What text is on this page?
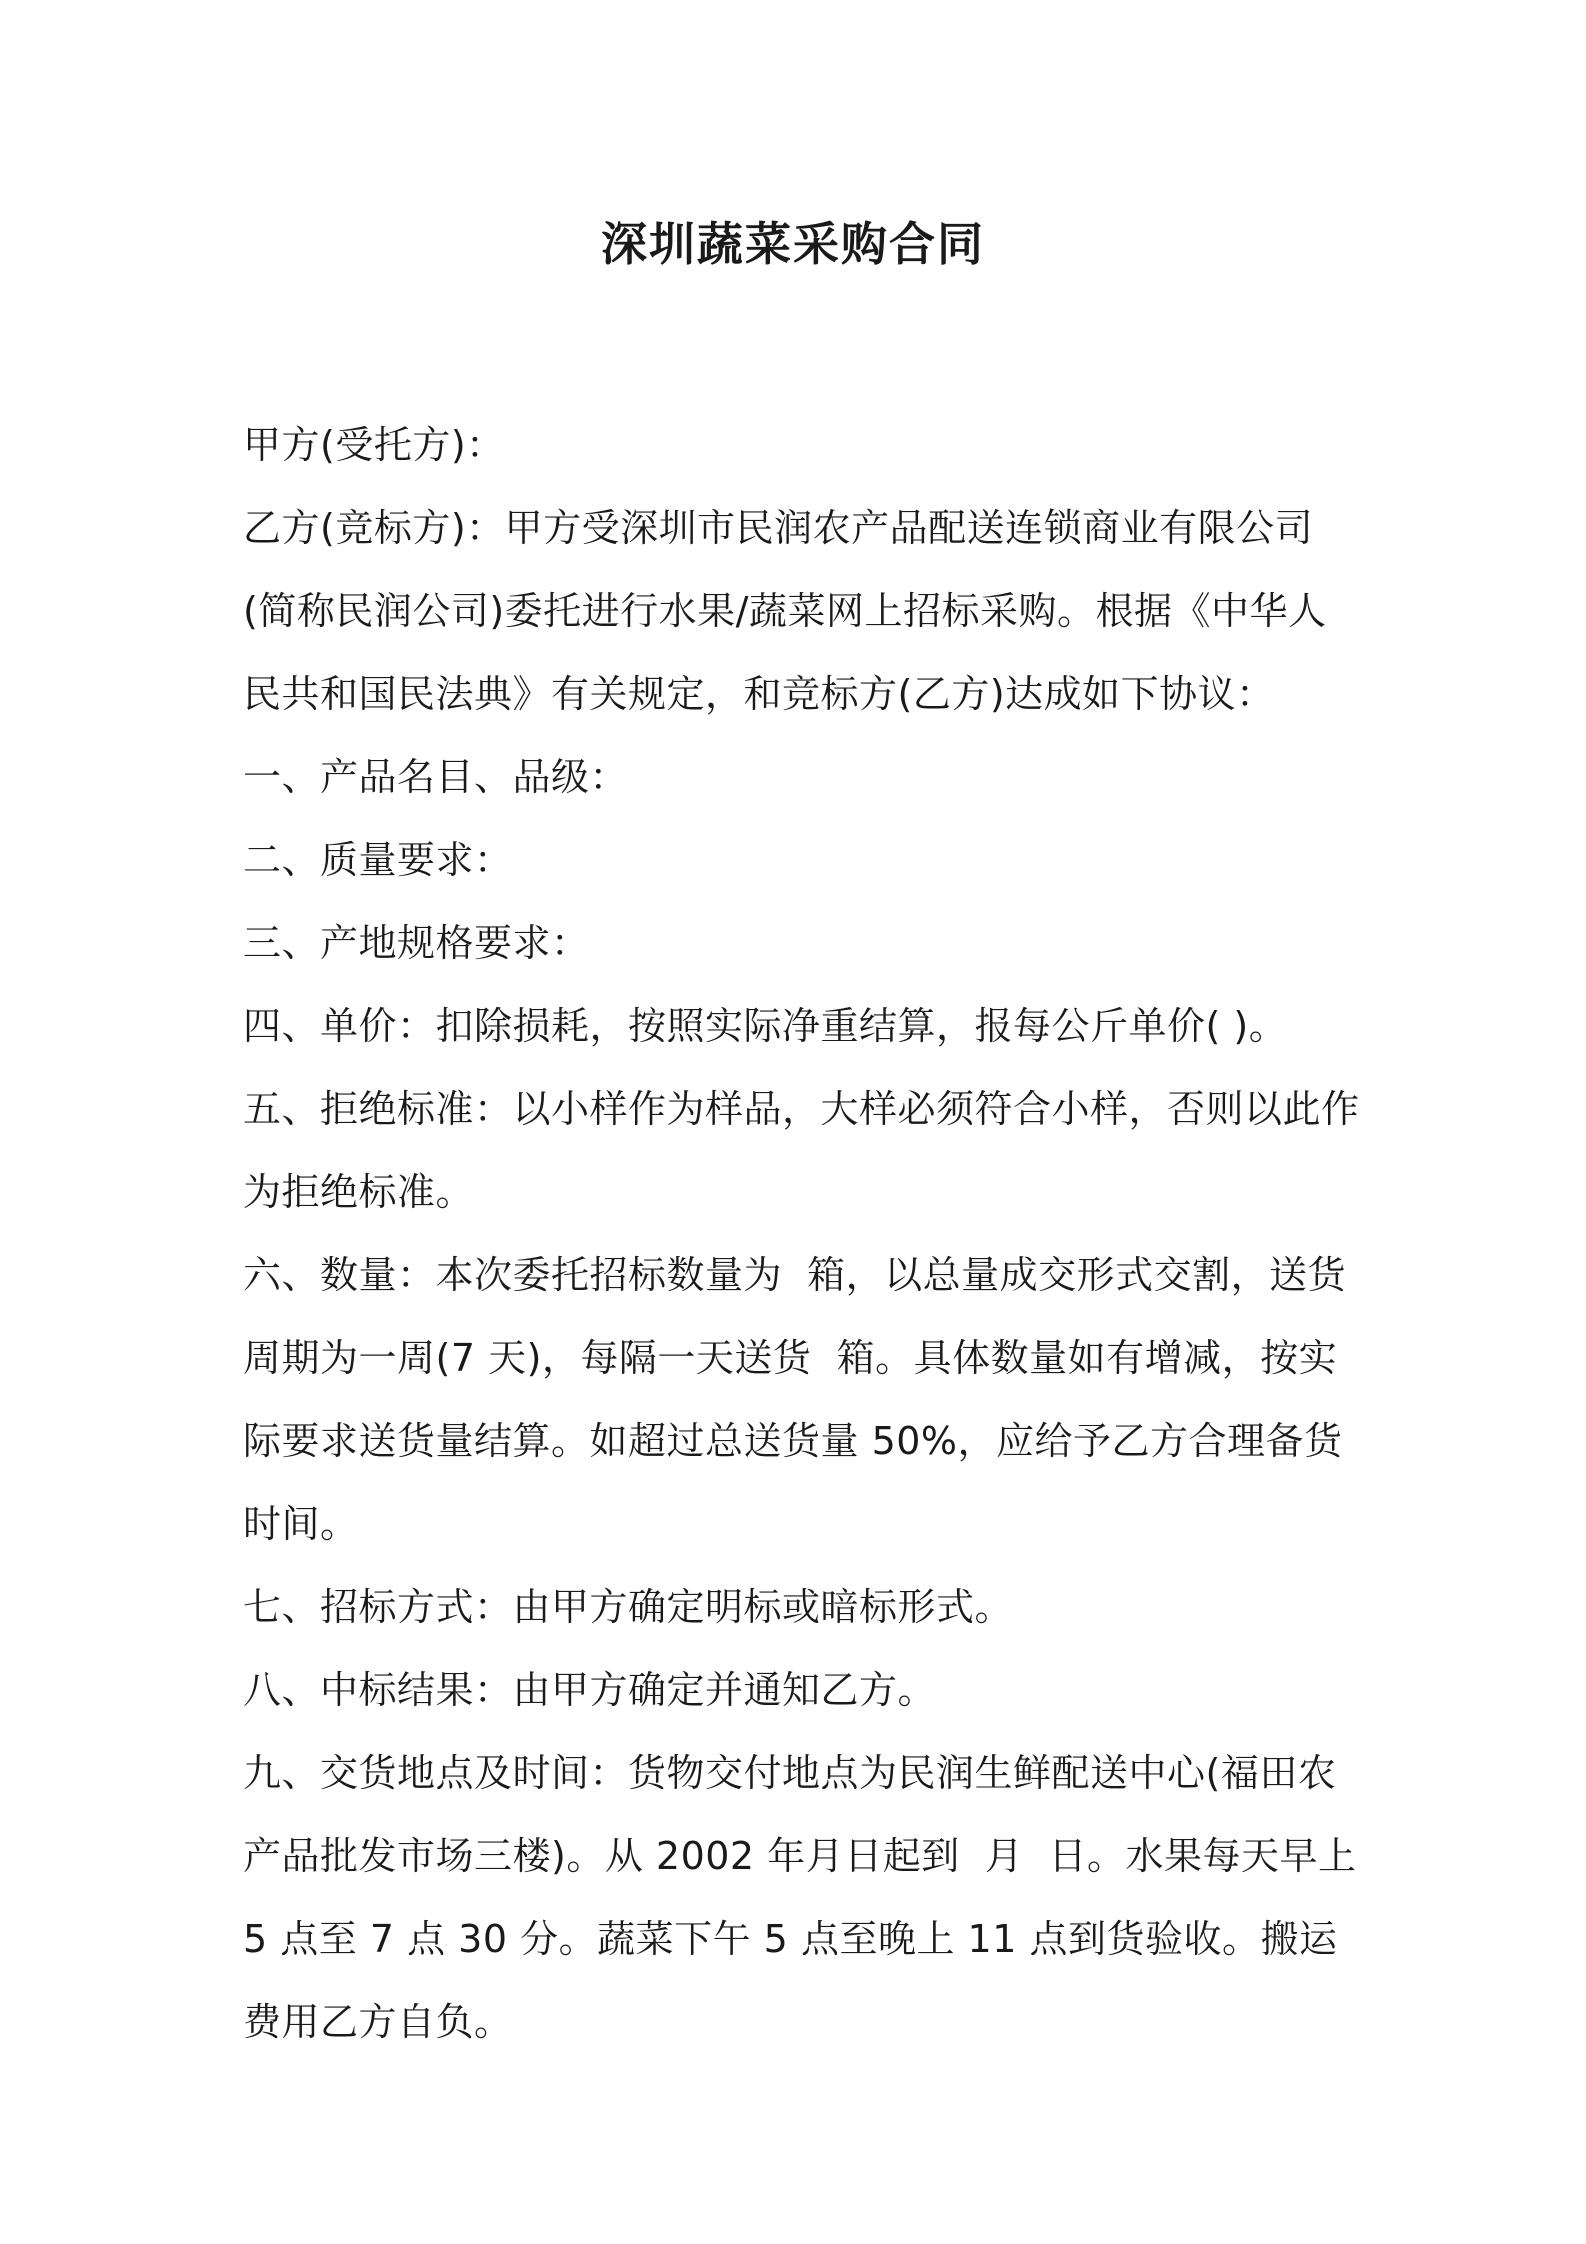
深圳蔬菜采购合同

甲方(受托方)：

乙方(竞标方)：甲方受深圳市民润农产品配送连锁商业有限公司(简称民润公司)委托进行水果/蔬菜网上招标采购。根据《中华人民共和国民法典》有关规定，和竞标方(乙方)达成如下协议：

一、产品名目、品级：

二、质量要求：

三、产地规格要求：

四、单价：扣除损耗，按照实际净重结算，报每公斤单价( )。

五、拒绝标准：以小样作为样品，大样必须符合小样，否则以此作为拒绝标准。

六、数量：本次委托招标数量为  箱，以总量成交形式交割，送货周期为一周(7 天)，每隔一天送货  箱。具体数量如有增减，按实际要求送货量结算。如超过总送货量 50%，应给予乙方合理备货时间。

七、招标方式：由甲方确定明标或暗标形式。

八、中标结果：由甲方确定并通知乙方。

九、交货地点及时间：货物交付地点为民润生鲜配送中心(福田农产品批发市场三楼)。从 2002 年月日起到  月  日。水果每天早上 5 点至 7 点 30 分。蔬菜下午 5 点至晚上 11 点到货验收。搬运费用乙方自负。
